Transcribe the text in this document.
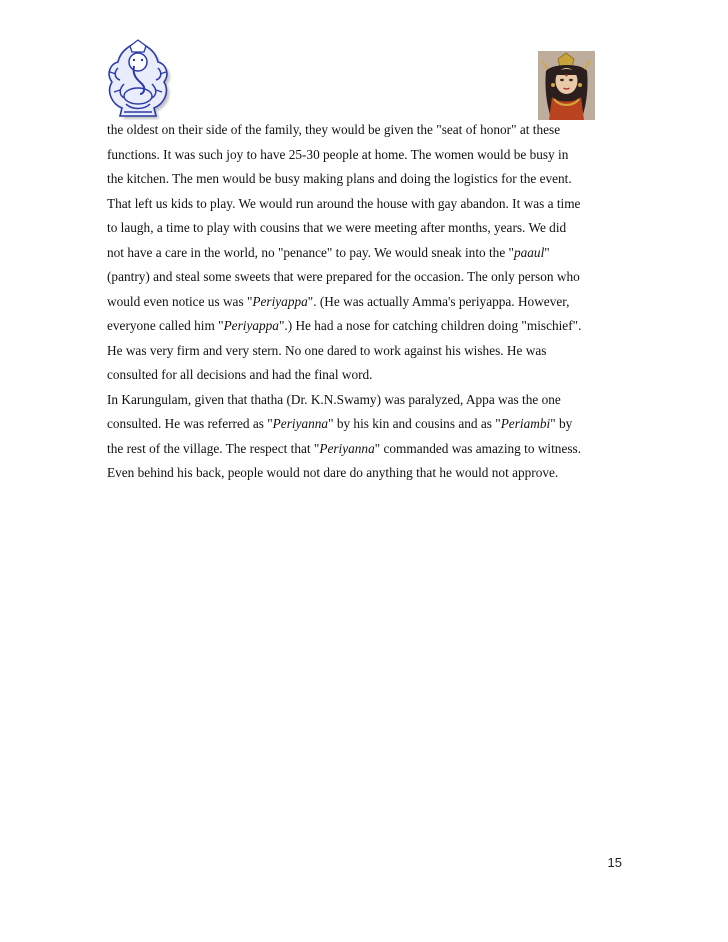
the oldest on their side of the family, they would be given the "seat of honor" at these
functions. It was such joy to have 25-30 people at home. The women would be busy in
the kitchen. The men would be busy making plans and doing the logistics for the event.
That left us kids to play. We would run around the house with gay abandon. It was a time
to laugh, a time to play with cousins that we were meeting after months, years. We did
not have a care in the world, no "penance" to pay. We would sneak into the "paaul"
(pantry) and steal some sweets that were prepared for the occasion. The only person who
would even notice us was "Periyappa". (He was actually Amma's periyappa. However,
everyone called him "Periyappa".) He had a nose for catching children doing "mischief".
He was very firm and very stern. No one dared to work against his wishes. He was
consulted for all decisions and had the final word.
In Karungulam, given that thatha (Dr. K.N.Swamy) was paralyzed, Appa was the one
consulted. He was referred as "Periyanna" by his kin and cousins and as "Periambi" by
the rest of the village. The respect that "Periyanna" commanded was amazing to witness.
Even behind his back, people would not dare do anything that he would not approve.
15
